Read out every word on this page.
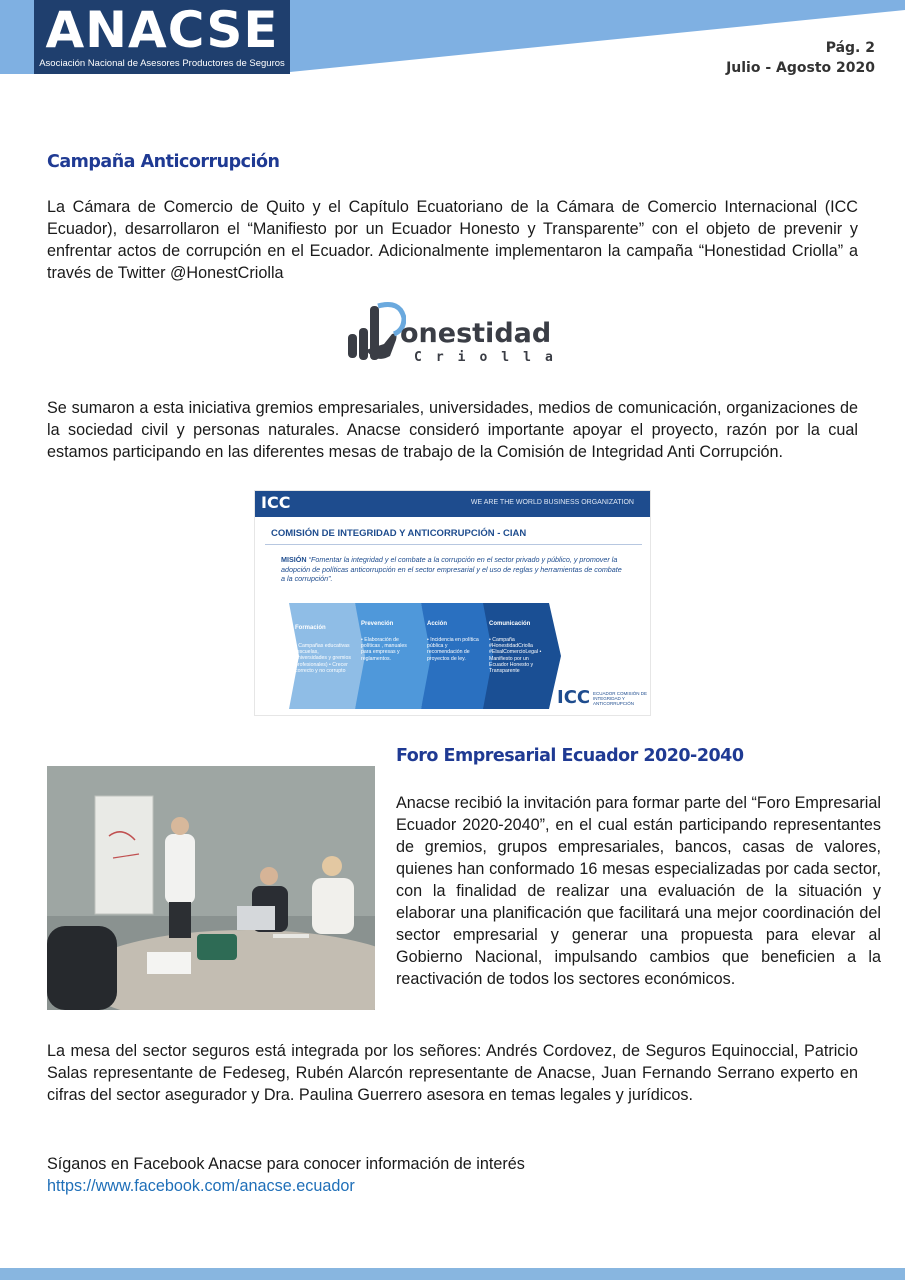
ANACSE
Asociación Nacional de Asesores Productores de Seguros
Pág. 2
Julio - Agosto 2020
Campaña Anticorrupción

La Cámara de Comercio de Quito y el Capítulo Ecuatoriano de la Cámara de Comercio Internacional (ICC Ecuador), desarrollaron el “Manifiesto por un Ecuador Honesto y Transparente” con el objeto de prevenir y enfrentar actos de corrupción en el Ecuador. Adicionalmente implementaron la campaña “Honestidad Criolla” a través de Twitter @HonestCriolla

onestidad
Criolla

Se sumaron a esta iniciativa gremios empresariales, universidades, medios de comunicación, organizaciones de la sociedad civil y personas naturales. Anacse consideró importante apoyar el proyecto, razón por la cual estamos participando en las diferentes mesas de trabajo de la Comisión de Integridad Anti Corrupción.

ICC	WE ARE THE WORLD BUSINESS ORGANIZATION
COMISIÓN DE INTEGRIDAD Y ANTICORRUPCIÓN - CIAN
MISIÓN “Fomentar la integridad y el combate a la corrupción en el sector privado y público, y promover la adopción de políticas anticorrupción en el sector empresarial y el uso de reglas y herramientas de combate a la corrupción”.
Formación
• Campañas educativas (escuelas, universidades y gremios profesionales) • Crecer correcto y no corrupto
Prevención
• Elaboración de políticas , manuales para empresas y reglamentos.
Acción
• Incidencia en política pública y recomendación de proyectos de ley.
Comunicación
• Campaña #HonestidadCriolla #ElsalComercioLegal • Manifiesto por un Ecuador Honesto y Transparente
ICC ECUADOR COMISIÓN DE INTEGRIDAD Y ANTICORRUPCIÓN
Foro Empresarial Ecuador 2020-2040

Anacse recibió la invitación para formar parte del “Foro Empresarial Ecuador 2020-2040”, en el cual están participando representantes de gremios, grupos empresariales, bancos, casas de valores, quienes han conformado 16 mesas especializadas por cada sector, con la finalidad de realizar una evaluación de la situación y elaborar una planificación que facilitará una mejor coordinación del sector empresarial y generar una propuesta para elevar al Gobierno Nacional, impulsando cambios que beneficien a la reactivación de todos los sectores económicos.

La mesa del sector seguros está integrada por los señores: Andrés Cordovez, de Seguros Equinoccial, Patricio Salas representante de Fedeseg, Rubén Alarcón representante de Anacse, Juan Fernando Serrano experto en cifras del sector asegurador y Dra. Paulina Guerrero asesora en temas legales y jurídicos.

Síganos en Facebook Anacse para conocer información de interés
https://www.facebook.com/anacse.ecuador
